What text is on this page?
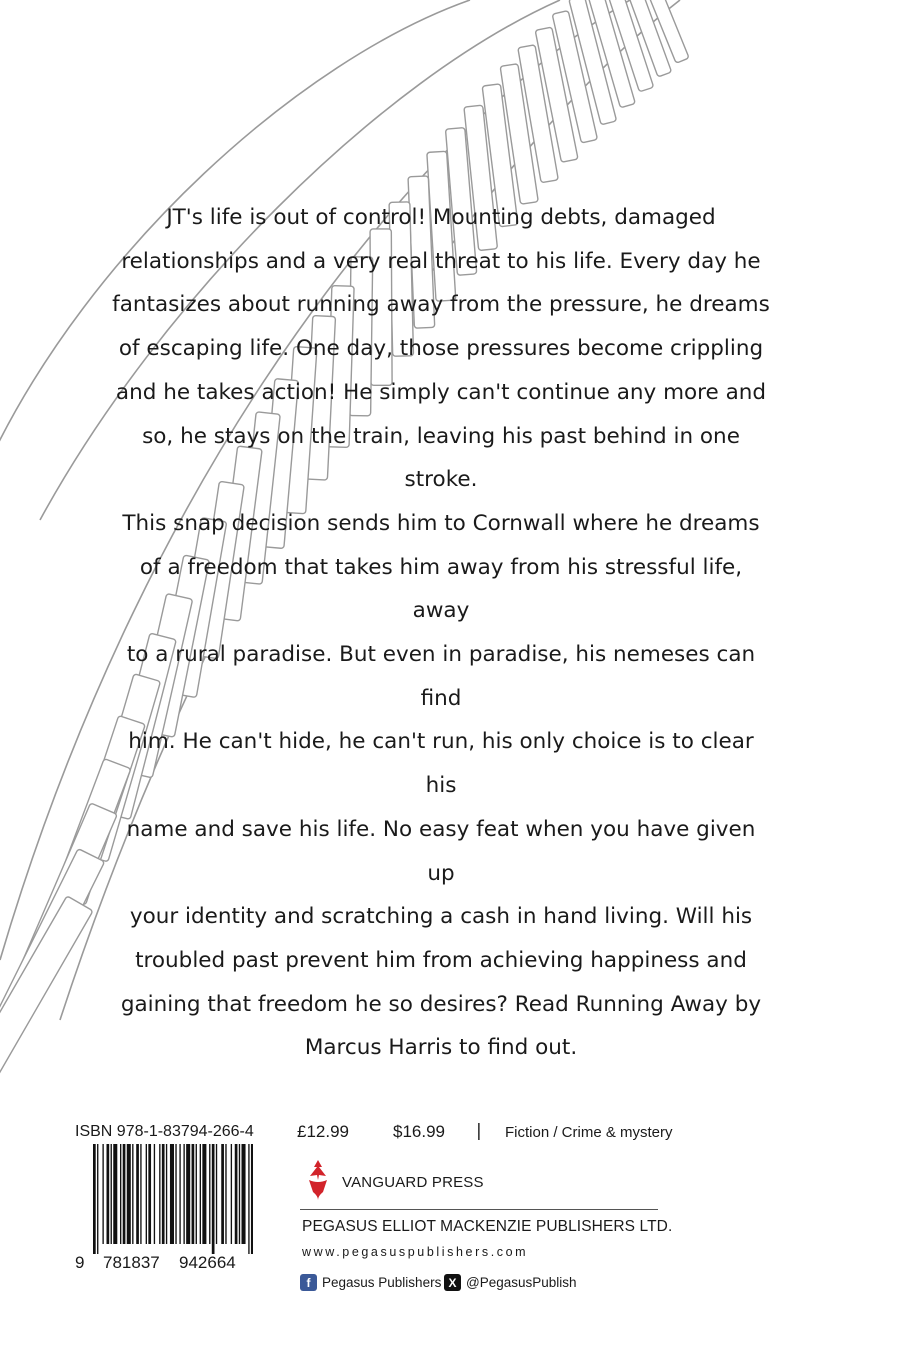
JT's life is out of control! Mounting debts, damaged

relationships and a very real threat to his life. Every day he

fantasizes about running away from the pressure, he dreams

of escaping life. One day, those pressures become crippling

and he takes action! He simply can't continue any more and

so, he stays on the train, leaving his past behind in one stroke.

This snap decision sends him to Cornwall where he dreams

of a freedom that takes him away from his stressful life, away

to a rural paradise. But even in paradise, his nemeses can find

him. He can't hide, he can't run, his only choice is to clear his

name and save his life. No easy feat when you have given up

your identity and scratching a cash in hand living. Will his

troubled past prevent him from achieving happiness and

gaining that freedom he so desires? Read Running Away by

Marcus Harris to find out.

ISBN 978-1-83794-266-4	£12.99	$16.99 | Fiction / Crime & mystery
9 781837 942664
VANGUARD PRESS
PEGASUS ELLIOT MACKENZIE PUBLISHERS LTD.
www.pegasuspublishers.com
f Pegasus Publishers X @PegasusPublish
